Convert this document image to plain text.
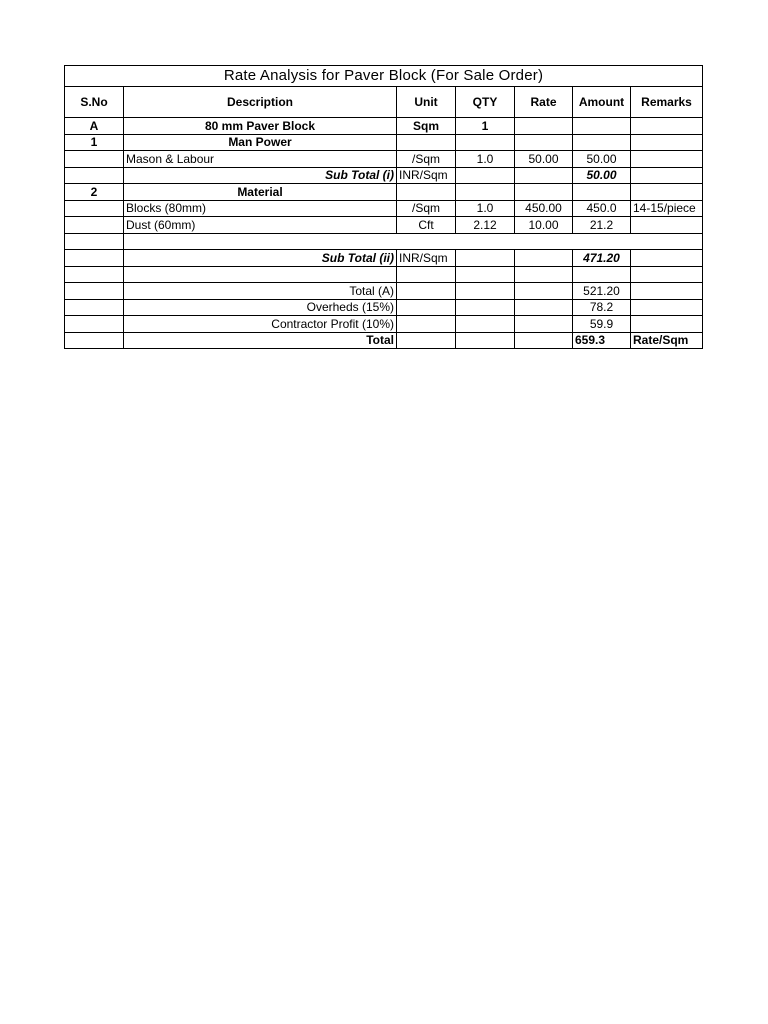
Rate Analysis for Paver Block (For Sale Order)						
S.No	Description	Unit	QTY	Rate	Amount	Remarks
A	80 mm Paver Block	Sqm	1			
1	Man Power					
	Mason & Labour	/Sqm	1.0	50.00	50.00	
	Sub Total (i)	INR/Sqm			50.00	
2	Material					
	Blocks (80mm)	/Sqm	1.0	450.00	450.0	14-15/piece
	Dust (60mm)	Cft	2.12	10.00	21.2	

	Sub Total (ii)	INR/Sqm			471.20	

	Total (A)				521.20	
	Overheds (15%)				78.2	
	Contractor Profit (10%)				59.9	
	Total				659.3	Rate/Sqm
